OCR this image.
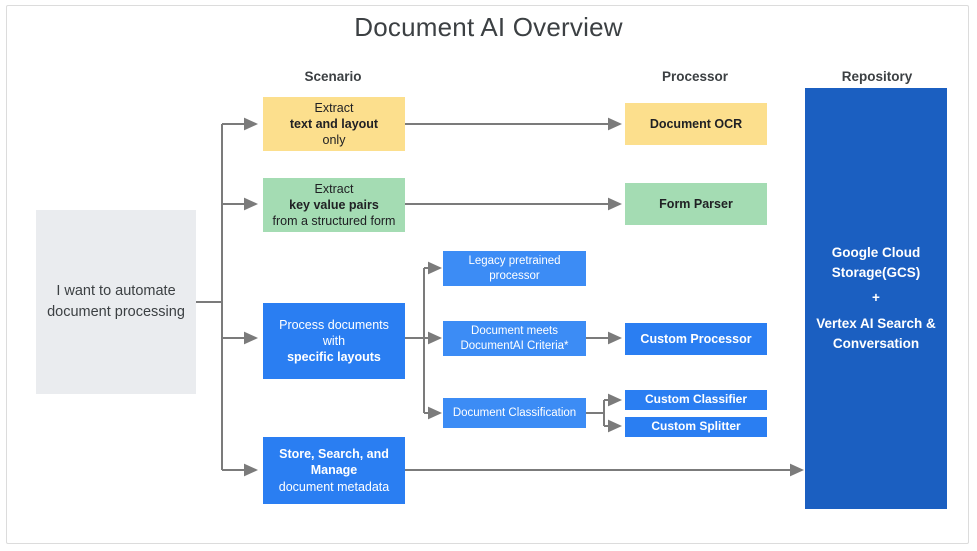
Document AI Overview
Scenario	Processor	Repository
I want to automate document processing
Extract
text and layout
only
Extract
key value pairs
from a structured form
Process documents with
specific layouts
Store, Search, and Manage
document metadata
Legacy pretrained processor
Document meets DocumentAI Criteria*
Document Classification
Document OCR
Form Parser
Custom Processor
Custom Classifier
Custom Splitter
Google Cloud Storage(GCS)
+
Vertex AI Search & Conversation
